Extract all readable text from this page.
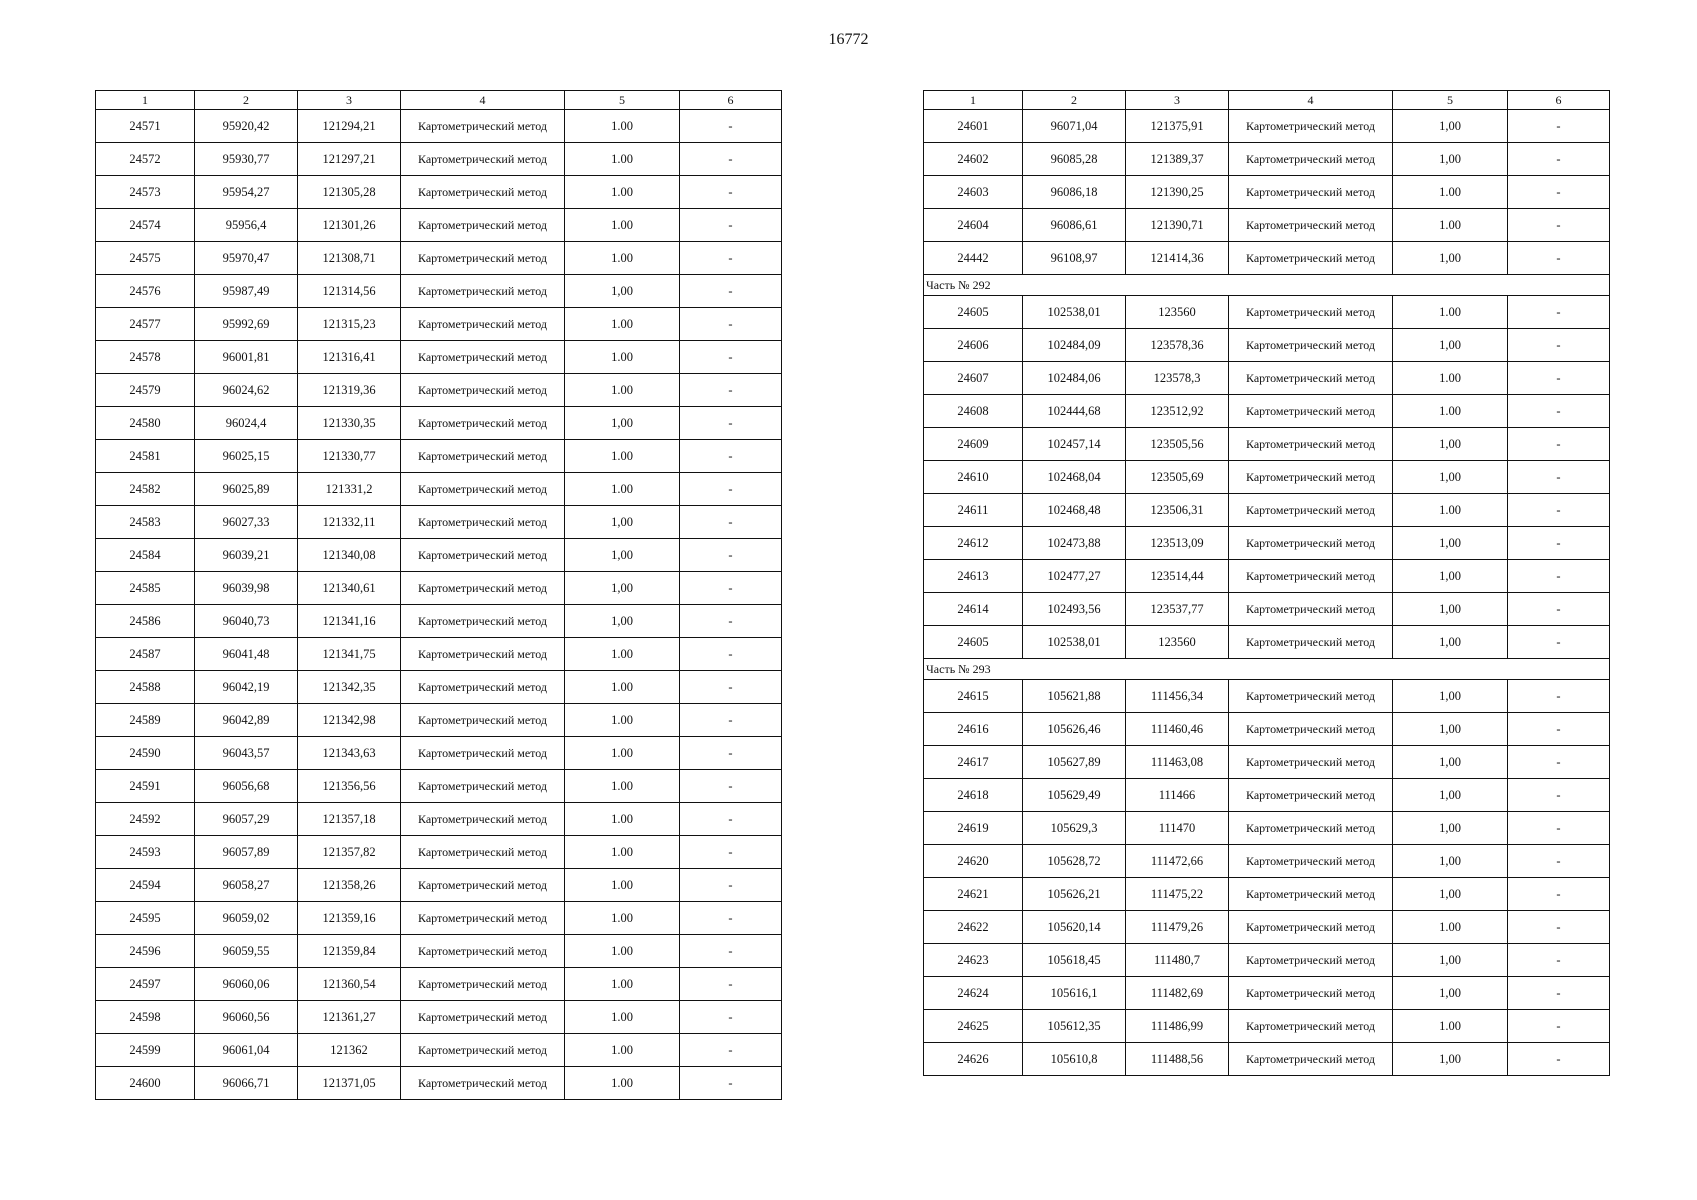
16772
1	2	3	4	5	6
24571	95920,42	121294,21	Картометрический метод	1.00	-
24572	95930,77	121297,21	Картометрический метод	1.00	-
24573	95954,27	121305,28	Картометрический метод	1.00	-
24574	95956,4	121301,26	Картометрический метод	1.00	-
24575	95970,47	121308,71	Картометрический метод	1.00	-
24576	95987,49	121314,56	Картометрический метод	1,00	-
24577	95992,69	121315,23	Картометрический метод	1.00	-
24578	96001,81	121316,41	Картометрический метод	1.00	-
24579	96024,62	121319,36	Картометрический метод	1.00	-
24580	96024,4	121330,35	Картометрический метод	1,00	-
24581	96025,15	121330,77	Картометрический метод	1.00	-
24582	96025,89	121331,2	Картометрический метод	1.00	-
24583	96027,33	121332,11	Картометрический метод	1,00	-
24584	96039,21	121340,08	Картометрический метод	1,00	-
24585	96039,98	121340,61	Картометрический метод	1,00	-
24586	96040,73	121341,16	Картометрический метод	1,00	-
24587	96041,48	121341,75	Картометрический метод	1.00	-
24588	96042,19	121342,35	Картометрический метод	1.00	-
24589	96042,89	121342,98	Картометрический метод	1.00	-
24590	96043,57	121343,63	Картометрический метод	1.00	-
24591	96056,68	121356,56	Картометрический метод	1.00	-
24592	96057,29	121357,18	Картометрический метод	1.00	-
24593	96057,89	121357,82	Картометрический метод	1.00	-
24594	96058,27	121358,26	Картометрический метод	1.00	-
24595	96059,02	121359,16	Картометрический метод	1.00	-
24596	96059,55	121359,84	Картометрический метод	1.00	-
24597	96060,06	121360,54	Картометрический метод	1.00	-
24598	96060,56	121361,27	Картометрический метод	1.00	-
24599	96061,04	121362	Картометрический метод	1.00	-
24600	96066,71	121371,05	Картометрический метод	1.00	-
1	2	3	4	5	6
24601	96071,04	121375,91	Картометрический метод	1,00	-
24602	96085,28	121389,37	Картометрический метод	1,00	-
24603	96086,18	121390,25	Картометрический метод	1.00	-
24604	96086,61	121390,71	Картометрический метод	1.00	-
24442	96108,97	121414,36	Картометрический метод	1,00	-
Часть № 292					
24605	102538,01	123560	Картометрический метод	1.00	-
24606	102484,09	123578,36	Картометрический метод	1,00	-
24607	102484,06	123578,3	Картометрический метод	1.00	-
24608	102444,68	123512,92	Картометрический метод	1.00	-
24609	102457,14	123505,56	Картометрический метод	1,00	-
24610	102468,04	123505,69	Картометрический метод	1,00	-
24611	102468,48	123506,31	Картометрический метод	1.00	-
24612	102473,88	123513,09	Картометрический метод	1,00	-
24613	102477,27	123514,44	Картометрический метод	1,00	-
24614	102493,56	123537,77	Картометрический метод	1,00	-
24605	102538,01	123560	Картометрический метод	1,00	-
Часть № 293					
24615	105621,88	111456,34	Картометрический метод	1,00	-
24616	105626,46	111460,46	Картометрический метод	1,00	-
24617	105627,89	111463,08	Картометрический метод	1,00	-
24618	105629,49	111466	Картометрический метод	1,00	-
24619	105629,3	111470	Картометрический метод	1,00	-
24620	105628,72	111472,66	Картометрический метод	1,00	-
24621	105626,21	111475,22	Картометрический метод	1,00	-
24622	105620,14	111479,26	Картометрический метод	1.00	-
24623	105618,45	111480,7	Картометрический метод	1,00	-
24624	105616,1	111482,69	Картометрический метод	1,00	-
24625	105612,35	111486,99	Картометрический метод	1.00	-
24626	105610,8	111488,56	Картометрический метод	1,00	-
